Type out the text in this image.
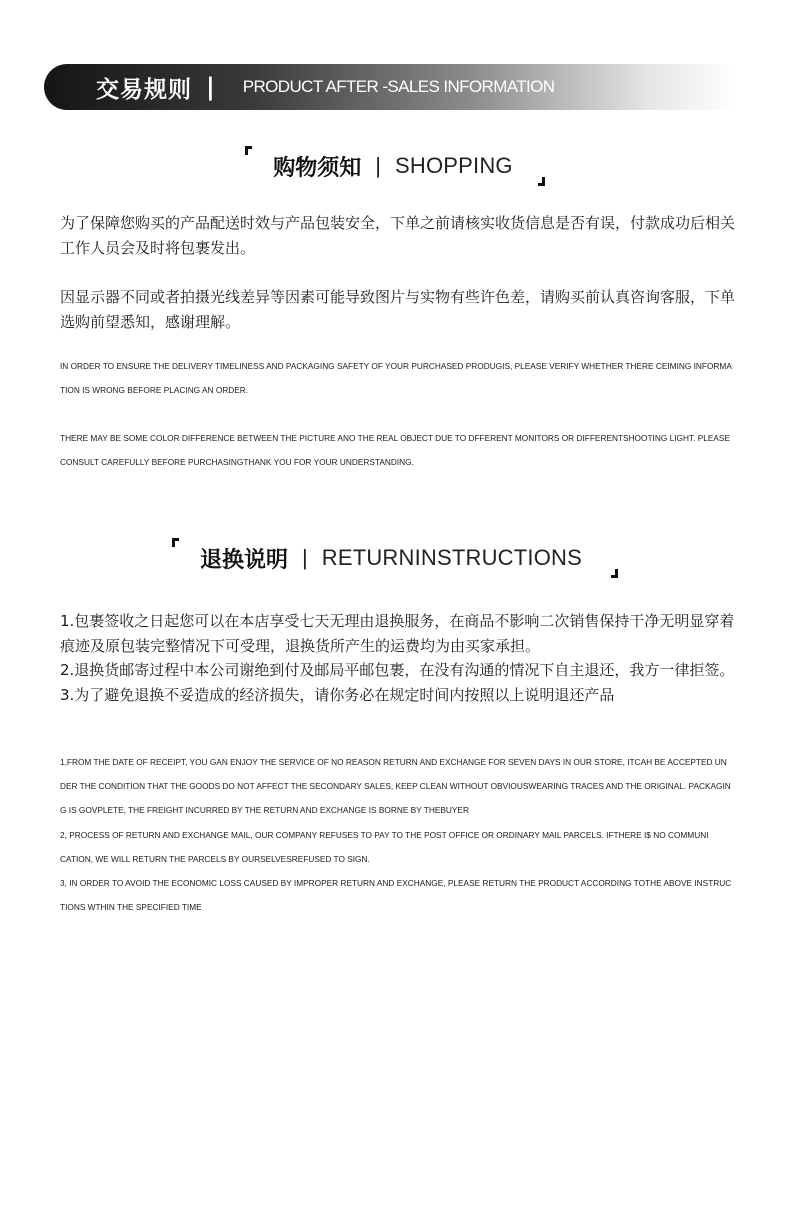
交易规则 | PRODUCT AFTER -SALES INFORMATION
购物须知 | SHOPPING

为了保障您购买的产品配送时效与产品包装安全，下单之前请核实收货信息是否有误，付款成功后相关工作人员会及时将包裹发出。

因显示器不同或者拍摄光线差异等因素可能导致图片与实物有些许色差，请购买前认真咨询客服，下单选购前望悉知，感谢理解。

IN ORDER TO ENSURE THE DELIVERY TIMELINESS AND PACKAGING SAFETY OF YOUR PURCHASED PRODUGIS, PLEASE VERIFY WHETHER THERE CEIMING INFORMATION IS WRONG BEFORE PLACING AN ORDER.

THERE MAY BE SOME COLOR DIFFERENCE BETWEEN THE PICTURE ANO THE REAL OBJECT DUE TO DFFERENT MONITORS OR DIFFERENTSHOOTING LIGHT. PLEASE CONSULT CAREFULLY BEFORE PURCHASINGTHANK YOU FOR YOUR UNDERSTANDING.

退换说明 | RETURNINSTRUCTIONS
1.包裹签收之日起您可以在本店享受七天无理由退换服务，在商品不影响二次销售保持干净无明显穿着痕迹及原包装完整情况下可受理，退换货所产生的运费均为由买家承担。
2.退换货邮寄过程中本公司谢绝到付及邮局平邮包裹，在没有沟通的情况下自主退还，我方一律拒签。
3.为了避免退换不妥造成的经济损失，请你务必在规定时间内按照以上说明退还产品
1,FROM THE DATE OF RECEIPT, YOU GAN ENJOY THE SERVICE OF NO REASON RETURN AND EXCHANGE FOR SEVEN DAYS IN OUR STORE, ITCAH BE ACCEPTED UNDER THE CONDITION THAT THE GOODS DO NOT AFFECT THE SECONDARY SALES, KEEP CLEAN WITHOUT OBVIOUSWEARING TRACES AND THE ORIGINAL. PACKAGING IS GOVPLETE, THE FREIGHT INCURRED BY THE RETURN AND EXCHANGE IS BORNE BY THEBUYER
2, PROCESS OF RETURN AND EXCHANGE MAIL, OUR COMPANY REFUSES TO PAY TO THE POST OFFICE OR ORDINARY MAIL PARCELS. IFTHERE I$ NO COMMUNI
CATION, WE WILL RETURN THE PARCELS BY OURSELVESREFUSED TO SIGN.
3, IN ORDER TO AVOID THE ECONOMIC LOSS CAUSED BY IMPROPER RETURN AND EXCHANGE, PLEASE RETURN THE PRODUCT ACCORDING TOTHE ABOVE INSTRUCTIONS WTHIN THE SPECIFIED TIME
